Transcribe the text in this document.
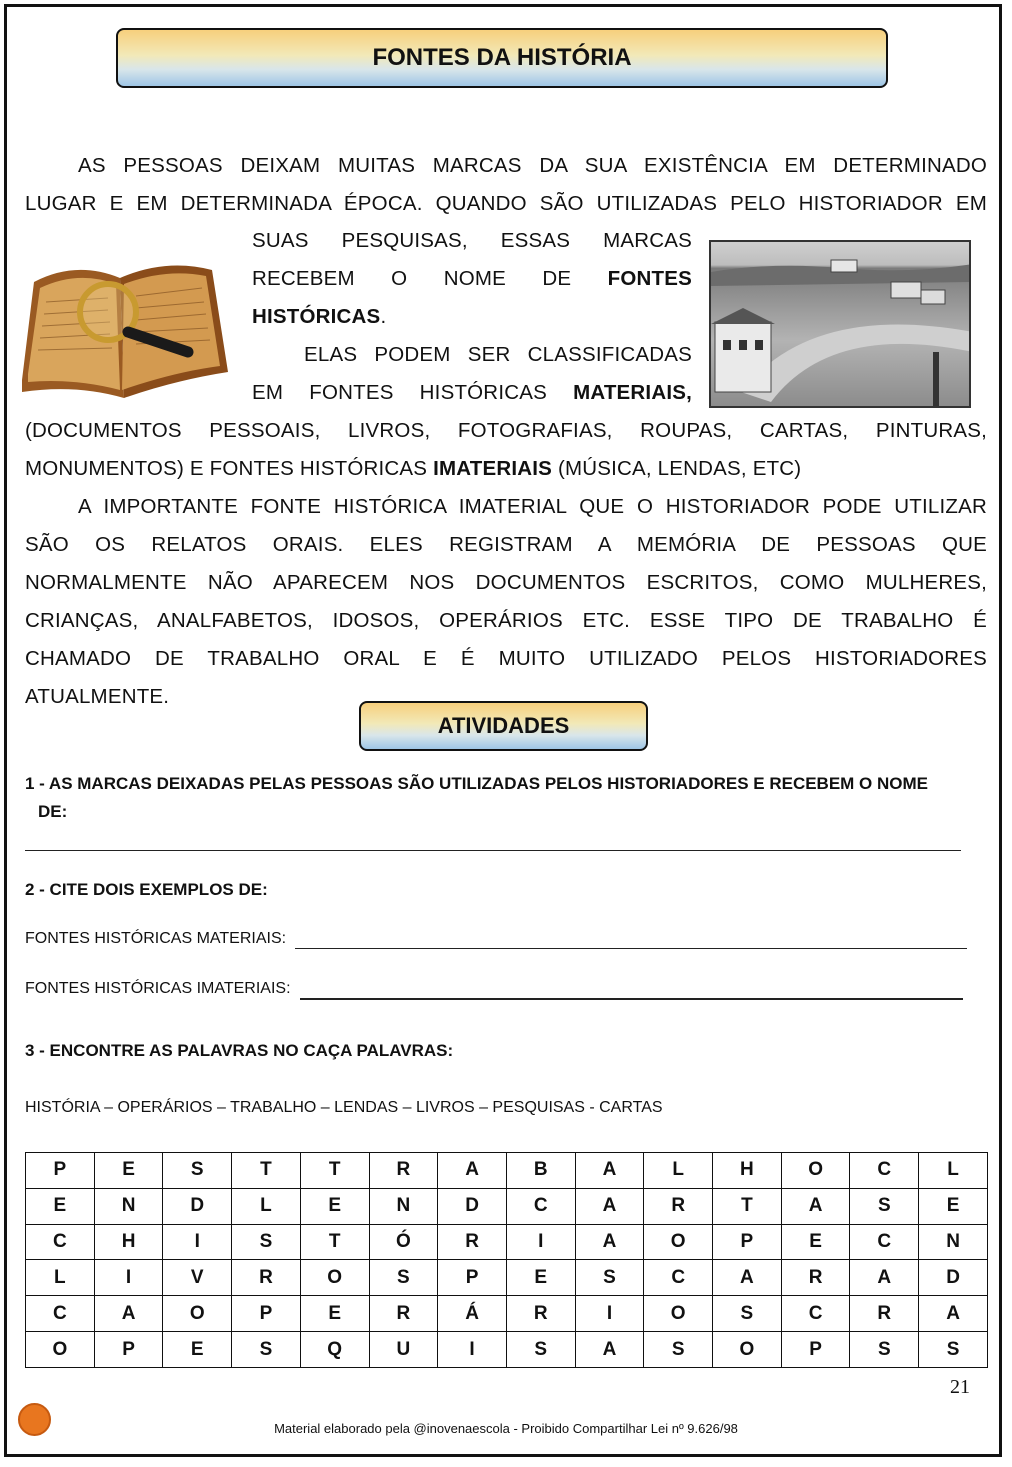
FONTES DA HISTÓRIA
AS PESSOAS DEIXAM MUITAS MARCAS DA SUA EXISTÊNCIA EM DETERMINADO
LUGAR E EM DETERMINADA ÉPOCA. QUANDO SÃO UTILIZADAS PELO HISTORIADOR EM
SUAS PESQUISAS, ESSAS MARCAS
RECEBEM O NOME DE FONTES
HISTÓRICAS.
ELAS PODEM SER CLASSIFICADAS
EM FONTES HISTÓRICAS MATERIAIS,
(DOCUMENTOS PESSOAIS, LIVROS, FOTOGRAFIAS, ROUPAS, CARTAS, PINTURAS,
MONUMENTOS) E FONTES HISTÓRICAS IMATERIAIS (MÚSICA, LENDAS, ETC)
A IMPORTANTE FONTE HISTÓRICA IMATERIAL QUE O HISTORIADOR PODE UTILIZAR
SÃO OS RELATOS ORAIS. ELES REGISTRAM A MEMÓRIA DE PESSOAS QUE
NORMALMENTE NÃO APARECEM NOS DOCUMENTOS ESCRITOS, COMO MULHERES,
CRIANÇAS, ANALFABETOS, IDOSOS, OPERÁRIOS ETC. ESSE TIPO DE TRABALHO É
CHAMADO DE TRABALHO ORAL E É MUITO UTILIZADO PELOS HISTORIADORES
ATUALMENTE.
ATIVIDADES
1 - AS MARCAS DEIXADAS PELAS PESSOAS SÃO UTILIZADAS PELOS HISTORIADORES E RECEBEM O NOME
DE:
2 - CITE DOIS EXEMPLOS DE:
FONTES HISTÓRICAS MATERIAIS:
FONTES HISTÓRICAS IMATERIAIS:
3 - ENCONTRE AS PALAVRAS NO CAÇA PALAVRAS:
HISTÓRIA – OPERÁRIOS – TRABALHO – LENDAS – LIVROS – PESQUISAS - CARTAS
P	E	S	T	T	R	A	B	A	L	H	O	C	L
E	N	D	L	E	N	D	C	A	R	T	A	S	E
C	H	I	S	T	Ó	R	I	A	O	P	E	C	N
L	I	V	R	O	S	P	E	S	C	A	R	A	D
C	A	O	P	E	R	Á	R	I	O	S	C	R	A
O	P	E	S	Q	U	I	S	A	S	O	P	S	S
21
Material elaborado pela @inovenaescola - Proibido Compartilhar Lei nº 9.626/98
